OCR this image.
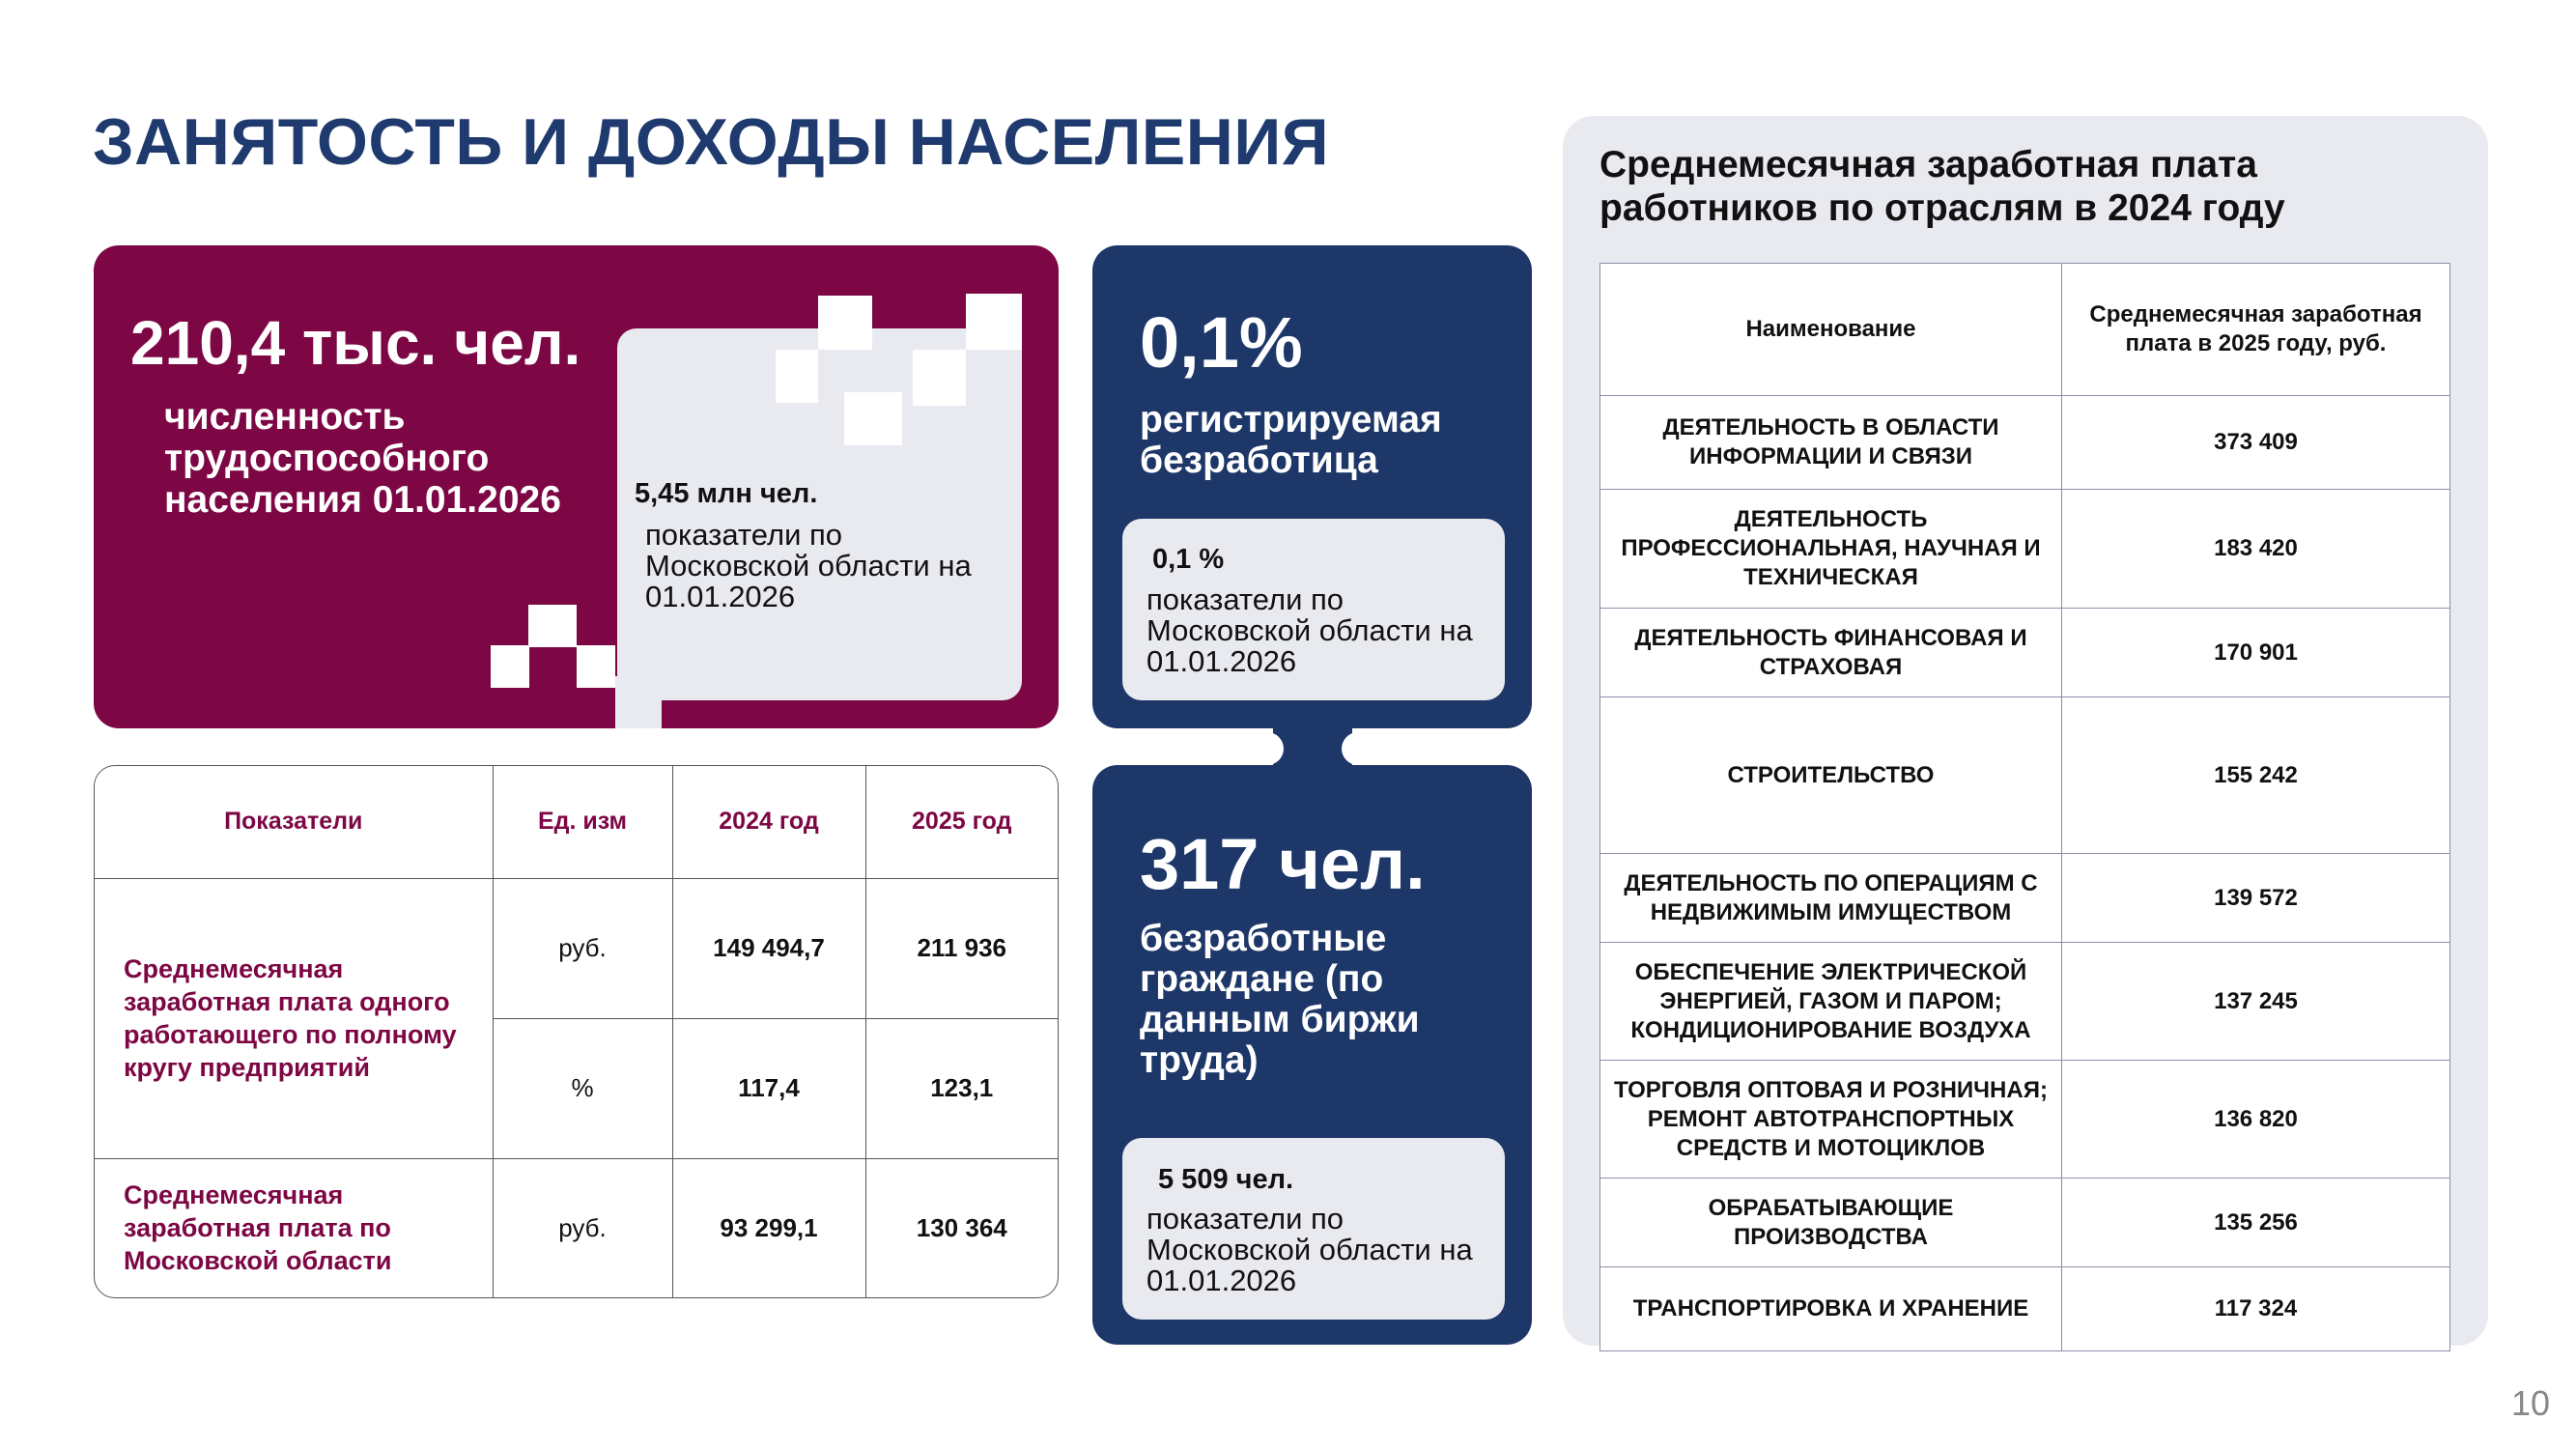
ЗАНЯТОСТЬ И ДОХОДЫ НАСЕЛЕНИЯ
210,4 тыс. чел.
численность трудоспособного населения 01.01.2026	5,45 млн чел.
показатели по Московской области на 01.01.2026
0,1%
регистрируемая безработица
0,1 %
показатели по Московской области на 01.01.2026
317 чел.
безработные граждане (по данным биржи труда)
5 509 чел.
показатели по Московской области на 01.01.2026
Показатели	Ед. изм	2024 год	2025 год
Среднемесячная заработная плата одного работающего по полному кругу предприятий	руб.	149 494,7	211 936
	%	117,4	123,1
Среднемесячная заработная плата по Московской области	руб.	93 299,1	130 364
Среднемесячная заработная плата работников по отраслям в 2024 году
Наименование	Среднемесячная заработная плата в 2025 году, руб.
ДЕЯТЕЛЬНОСТЬ В ОБЛАСТИ ИНФОРМАЦИИ И СВЯЗИ	373 409
ДЕЯТЕЛЬНОСТЬ ПРОФЕССИОНАЛЬНАЯ, НАУЧНАЯ И ТЕХНИЧЕСКАЯ	183 420
ДЕЯТЕЛЬНОСТЬ ФИНАНСОВАЯ И СТРАХОВАЯ	170 901
СТРОИТЕЛЬСТВО	155 242
ДЕЯТЕЛЬНОСТЬ ПО ОПЕРАЦИЯМ С НЕДВИЖИМЫМ ИМУЩЕСТВОМ	139 572
ОБЕСПЕЧЕНИЕ ЭЛЕКТРИЧЕСКОЙ ЭНЕРГИЕЙ, ГАЗОМ И ПАРОМ; КОНДИЦИОНИРОВАНИЕ ВОЗДУХА	137 245
ТОРГОВЛЯ ОПТОВАЯ И РОЗНИЧНАЯ; РЕМОНТ АВТОТРАНСПОРТНЫХ СРЕДСТВ И МОТОЦИКЛОВ	136 820
ОБРАБАТЫВАЮЩИЕ ПРОИЗВОДСТВА	135 256
ТРАНСПОРТИРОВКА И ХРАНЕНИЕ	117 324
10
